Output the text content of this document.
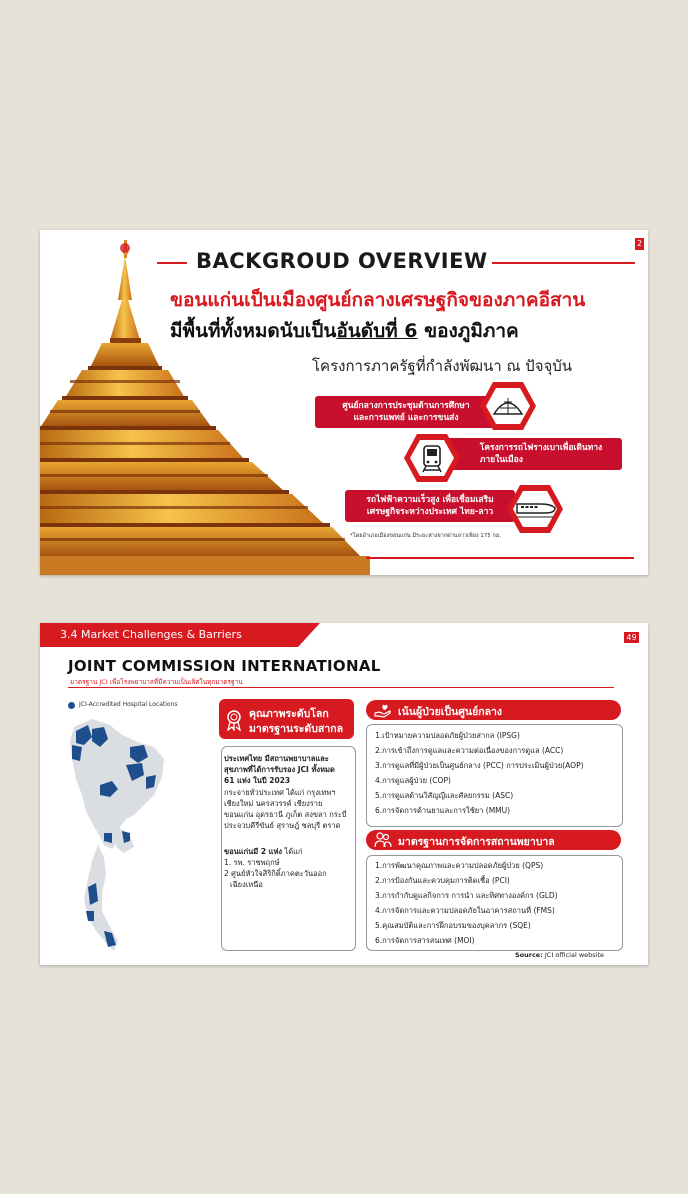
2
BACKGROUD OVERVIEW
ขอนแก่นเป็นเมืองศูนย์กลางเศรษฐกิจของภาคอีสาน
มีพื้นที่ทั้งหมดนับเป็นอันดับที่ 6 ของภูมิภาค
โครงการภาครัฐที่กำลังพัฒนา ณ ปัจจุบัน
ศูนย์กลางการประชุมด้านการศึกษา
และการแพทย์ และการขนส่ง
โครงการรถไฟรางเบาเพื่อเดินทาง
ภายในเมือง
รถไฟฟ้าความเร็วสูง เพื่อเชื่อมเสริม
เศรษฐกิจระหว่างประเทศ ไทย-ลาว
*โดยอำเภอเมืองขอนแก่น มีระยะห่างจากด่านลาวเพียง 175 กม.
3.4 Market Challenges & Barriers	49
JOINT COMMISSION INTERNATIONAL
มาตรฐาน JCI เพื่อโรงพยาบาลที่มีความเป็นเลิศในทุกมาตรฐาน
JCI-Accredited Hospital Locations
คุณภาพระดับโลก
มาตรฐานระดับสากล
ประเทศไทย มีสถานพยาบาลและ
สุขภาพที่ได้การรับรอง JCI ทั้งหมด
61 แห่ง ในปี 2023
กระจายทั่วประเทศ ได้แก่ กรุงเทพฯ
เชียงใหม่ นครสวรรค์ เชียงราย
ขอนแก่น อุดรธานี ภูเก็ต สงขลา กระบี่
ประจวบคีรีขันธ์ สุราษฎ์ ชลบุรี ตราด
ขอนแก่นมี 2 แห่ง ได้แก่
1. รพ. ราชพฤกษ์
2 ศูนย์หัวใจสิริกิติ์ภาคตะวันออก
เฉียงเหนือ
เน้นผู้ป่วยเป็นศูนย์กลาง
1.เป้าหมายความปลอดภัยผู้ป่วยสากล (IPSG)
2.การเข้าถึงการดูแลและความต่อเนื่องของการดูแล (ACC)
3.การดูแลที่มีผู้ป่วยเป็นศูนย์กลาง (PCC) การประเมินผู้ป่วย(AOP)
4.การดูแลผู้ป่วย (COP)
5.การดูแลด้านวิสัญญีและศัลยกรรม (ASC)
6.การจัดการด้านยาและการใช้ยา (MMU)
มาตรฐานการจัดการสถานพยาบาล
1.การพัฒนาคุณภาพและความปลอดภัยผู้ป่วย (QPS)
2.การป้องกันและควบคุมการติดเชื้อ (PCI)
3.การกำกับดูแลกิจการ การนำ และทิศทางองค์กร (GLD)
4.การจัดการและความปลอดภัยในอาคารสถานที่ (FMS)
5.คุณสมบัติและการฝึกอบรมของบุคลากร (SQE)
6.การจัดการสารสนเทศ (MOI)
Source: JCI official website
